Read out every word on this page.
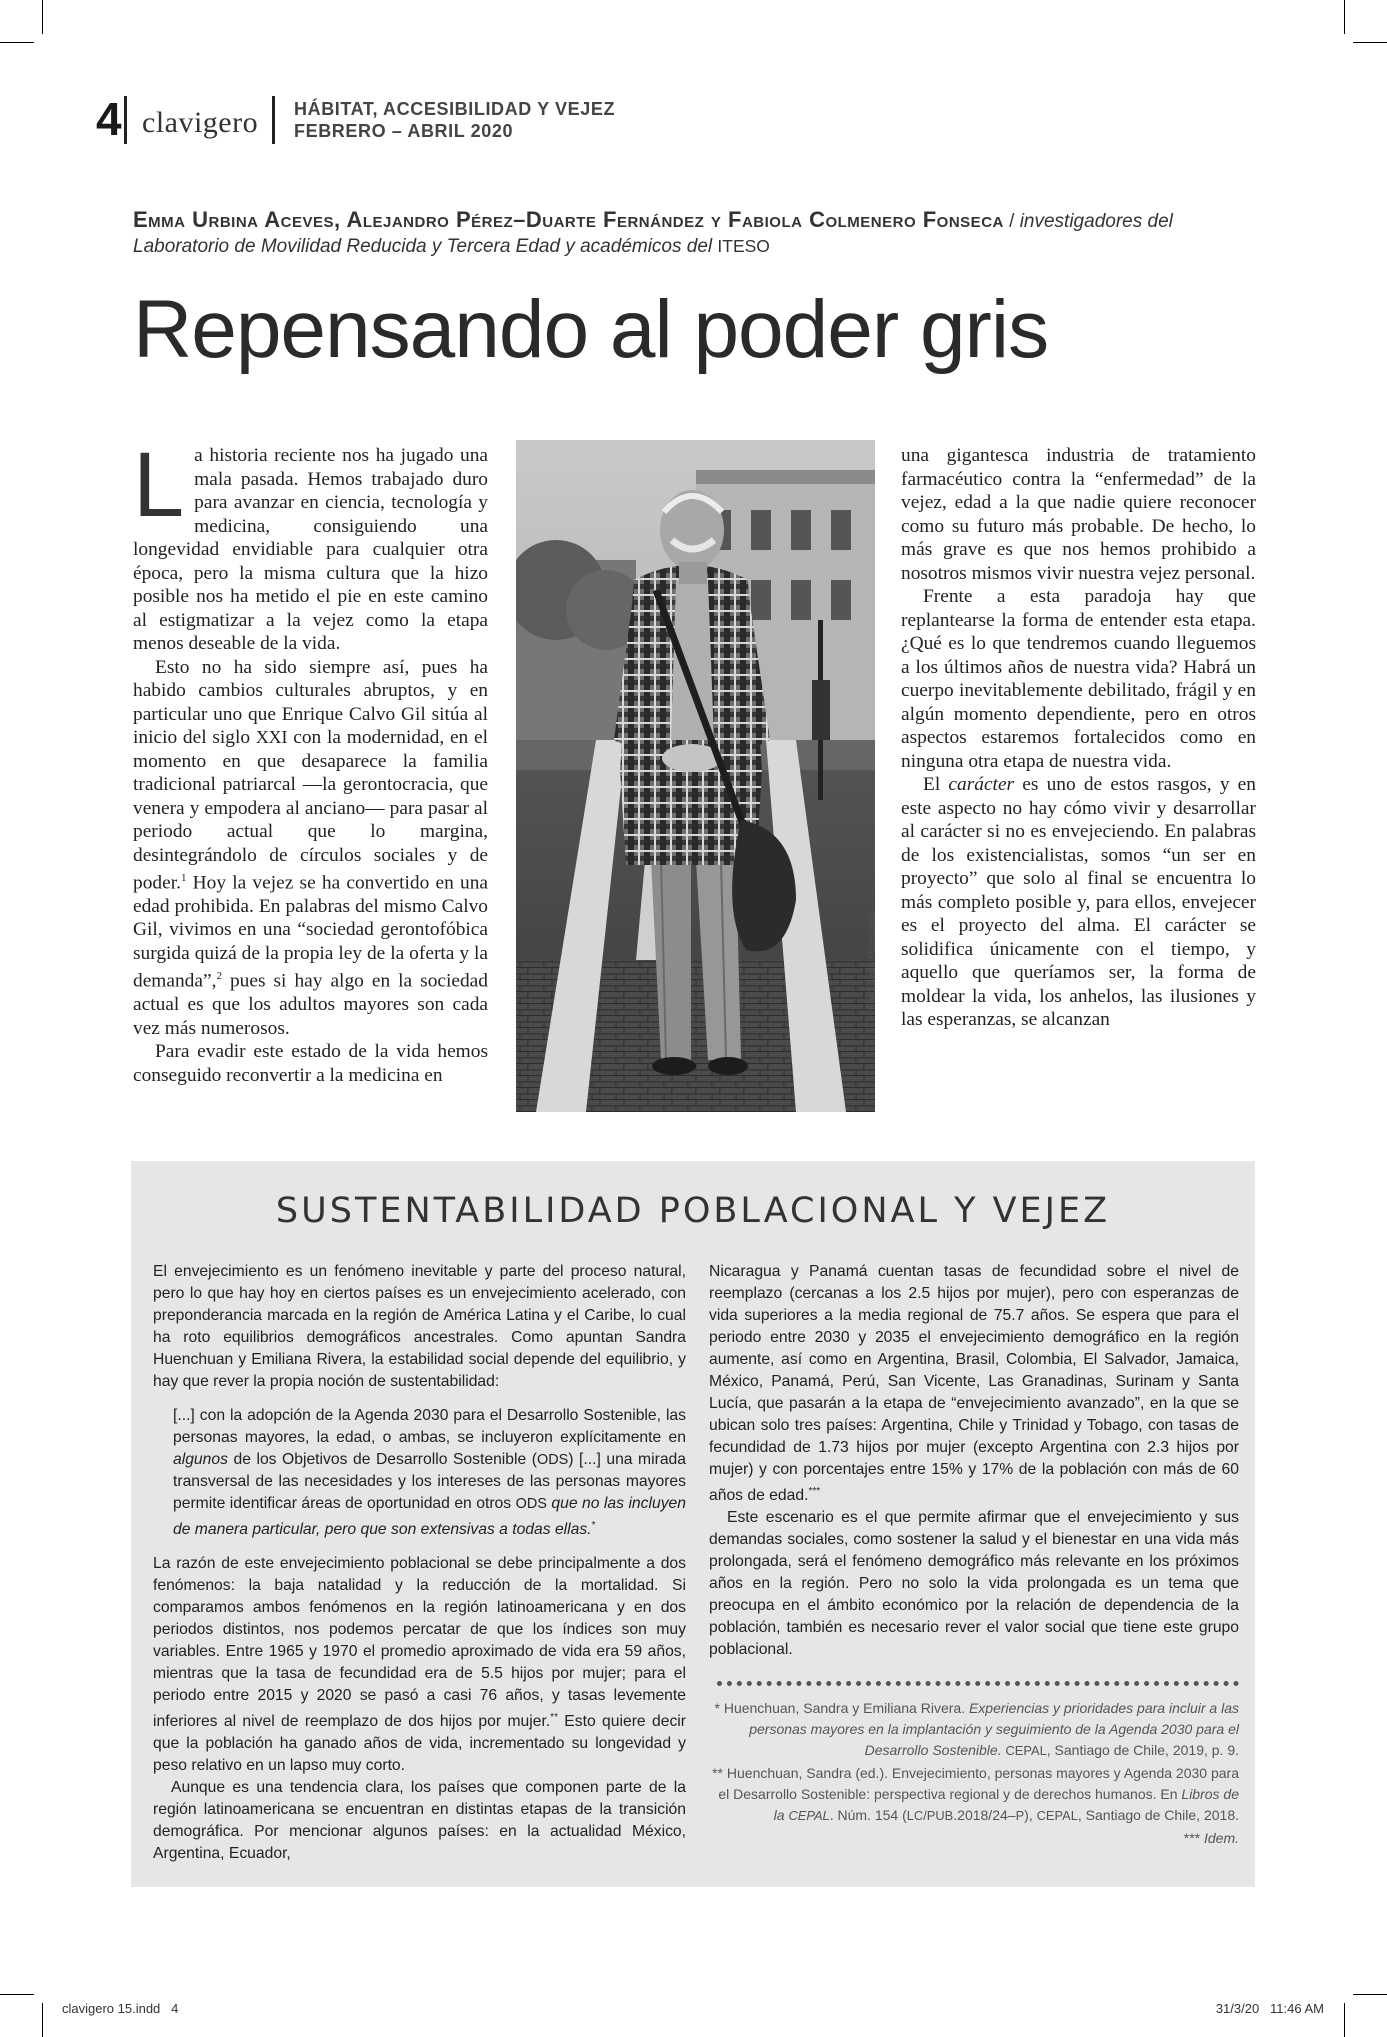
4 clavigero HÁBITAT, ACCESIBILIDAD Y VEJEZ
FEBRERO – ABRIL 2020
Emma Urbina Aceves, Alejandro Pérez–Duarte Fernández y Fabiola Colmenero Fonseca / investigadores del Laboratorio de Movilidad Reducida y Tercera Edad y académicos del ITESO
Repensando al poder gris

La historia reciente nos ha jugado una mala pasada. Hemos trabajado duro para avanzar en ciencia, tecnología y medicina, consiguiendo una longevidad envidiable para cualquier otra época, pero la misma cultura que la hizo posible nos ha metido el pie en este camino al estigmatizar a la vejez como la etapa menos deseable de la vida.

Esto no ha sido siempre así, pues ha habido cambios culturales abruptos, y en particular uno que Enrique Calvo Gil sitúa al inicio del siglo XXI con la modernidad, en el momento en que desaparece la familia tradicional patriarcal —la gerontocracia, que venera y empodera al anciano— para pasar al periodo actual que lo margina, desintegrándolo de círculos sociales y de poder.$^1$ Hoy la vejez se ha convertido en una edad prohibida. En palabras del mismo Calvo Gil, vivimos en una “sociedad gerontofóbica surgida quizá de la propia ley de la oferta y la demanda”,$^2$ pues si hay algo en la sociedad actual es que los adultos mayores son cada vez más numerosos.

Para evadir este estado de la vida hemos conseguido reconvertir a la medicina en

Foto: Luis Ponciano

una gigantesca industria de tratamiento farmacéutico contra la “enfermedad” de la vejez, edad a la que nadie quiere reconocer como su futuro más probable. De hecho, lo más grave es que nos hemos prohibido a nosotros mismos vivir nuestra vejez personal.

Frente a esta paradoja hay que replantearse la forma de entender esta etapa. ¿Qué es lo que tendremos cuando lleguemos a los últimos años de nuestra vida? Habrá un cuerpo inevitablemente debilitado, frágil y en algún momento dependiente, pero en otros aspectos estaremos fortalecidos como en ninguna otra etapa de nuestra vida.

El carácter es uno de estos rasgos, y en este aspecto no hay cómo vivir y desarrollar al carácter si no es envejeciendo. En palabras de los existencialistas, somos “un ser en proyecto” que solo al final se encuentra lo más completo posible y, para ellos, envejecer es el proyecto del alma. El carácter se solidifica únicamente con el tiempo, y aquello que queríamos ser, la forma de moldear la vida, los anhelos, las ilusiones y las esperanzas, se alcanzan

SUSTENTABILIDAD POBLACIONAL Y VEJEZ

El envejecimiento es un fenómeno inevitable y parte del proceso natural, pero lo que hay hoy en ciertos países es un envejecimiento acelerado, con preponderancia marcada en la región de América Latina y el Caribe, lo cual ha roto equilibrios demográficos ancestrales. Como apuntan Sandra Huenchuan y Emiliana Rivera, la estabilidad social depende del equilibrio, y hay que rever la propia noción de sustentabilidad:

[...] con la adopción de la Agenda 2030 para el Desarrollo Sostenible, las personas mayores, la edad, o ambas, se incluyeron explícitamente en algunos de los Objetivos de Desarrollo Sostenible (ODS) [...] una mirada transversal de las necesidades y los intereses de las personas mayores permite identificar áreas de oportunidad en otros ODS que no las incluyen de manera particular, pero que son extensivas a todas ellas.*

La razón de este envejecimiento poblacional se debe principalmente a dos fenómenos: la baja natalidad y la reducción de la mortalidad. Si comparamos ambos fenómenos en la región latinoamericana y en dos periodos distintos, nos podemos percatar de que los índices son muy variables. Entre 1965 y 1970 el promedio aproximado de vida era 59 años, mientras que la tasa de fecundidad era de 5.5 hijos por mujer; para el periodo entre 2015 y 2020 se pasó a casi 76 años, y tasas levemente inferiores al nivel de reemplazo de dos hijos por mujer.** Esto quiere decir que la población ha ganado años de vida, incrementado su longevidad y peso relativo en un lapso muy corto.

Aunque es una tendencia clara, los países que componen parte de la región latinoamericana se encuentran en distintas etapas de la transición demográfica. Por mencionar algunos países: en la actualidad México, Argentina, Ecuador,

Nicaragua y Panamá cuentan tasas de fecundidad sobre el nivel de reemplazo (cercanas a los 2.5 hijos por mujer), pero con esperanzas de vida superiores a la media regional de 75.7 años. Se espera que para el periodo entre 2030 y 2035 el envejecimiento demográfico en la región aumente, así como en Argentina, Brasil, Colombia, El Salvador, Jamaica, México, Panamá, Perú, San Vicente, Las Granadinas, Surinam y Santa Lucía, que pasarán a la etapa de “envejecimiento avanzado”, en la que se ubican solo tres países: Argentina, Chile y Trinidad y Tobago, con tasas de fecundidad de 1.73 hijos por mujer (excepto Argentina con 2.3 hijos por mujer) y con porcentajes entre 15% y 17% de la población con más de 60 años de edad.***

Este escenario es el que permite afirmar que el envejecimiento y sus demandas sociales, como sostener la salud y el bienestar en una vida más prolongada, será el fenómeno demográfico más relevante en los próximos años en la región. Pero no solo la vida prolongada es un tema que preocupa en el ámbito económico por la relación de dependencia de la población, también es necesario rever el valor social que tiene este grupo poblacional.

* Huenchuan, Sandra y Emiliana Rivera. Experiencias y prioridades para incluir a las personas mayores en la implantación y seguimiento de la Agenda 2030 para el Desarrollo Sostenible. CEPAL, Santiago de Chile, 2019, p. 9.

** Huenchuan, Sandra (ed.). Envejecimiento, personas mayores y Agenda 2030 para el Desarrollo Sostenible: perspectiva regional y de derechos humanos. En Libros de la CEPAL. Núm. 154 (LC/PUB.2018/24–P), CEPAL, Santiago de Chile, 2018.

*** Idem.

clavigero 15.indd   4	31/3/20   11:46 AM
